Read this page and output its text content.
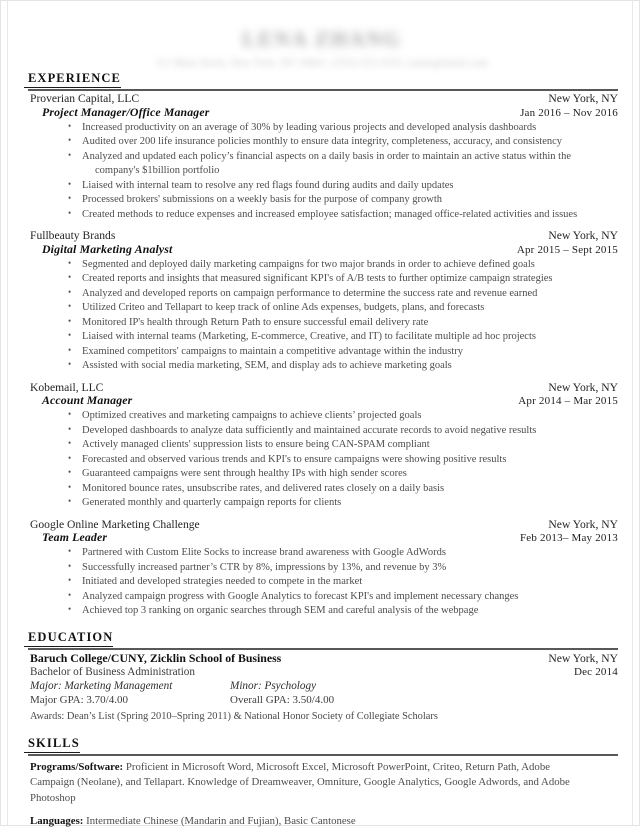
LENA ZHANG
111 Main Street, New York, NY 10001 | (555) 555-5555 | name@email.com
EXPERIENCE
Proverian Capital, LLC	New York, NY
Project Manager/Office Manager	Jan 2016 – Nov 2016
• Increased productivity on an average of 30% by leading various projects and developed analysis dashboards
• Audited over 200 life insurance policies monthly to ensure data integrity, completeness, accuracy, and consistency
• Analyzed and updated each policy’s financial aspects on a daily basis in order to maintain an active status within the
company's $1billion portfolio
• Liaised with internal team to resolve any red flags found during audits and daily updates
• Processed brokers' submissions on a weekly basis for the purpose of company growth
• Created methods to reduce expenses and increased employee satisfaction; managed office-related activities and issues
Fullbeauty Brands	New York, NY
Digital Marketing Analyst	Apr 2015 – Sept 2015
• Segmented and deployed daily marketing campaigns for two major brands in order to achieve defined goals
• Created reports and insights that measured significant KPI's of A/B tests to further optimize campaign strategies
• Analyzed and developed reports on campaign performance to determine the success rate and revenue earned
• Utilized Criteo and Tellapart to keep track of online Ads expenses, budgets, plans, and forecasts
• Monitored IP's health through Return Path to ensure successful email delivery rate
• Liaised with internal teams (Marketing, E-commerce, Creative, and IT) to facilitate multiple ad hoc projects
• Examined competitors' campaigns to maintain a competitive advantage within the industry
• Assisted with social media marketing, SEM, and display ads to achieve marketing goals
Kobemail, LLC	New York, NY
Account Manager	Apr 2014 – Mar 2015
• Optimized creatives and marketing campaigns to achieve clients’ projected goals
• Developed dashboards to analyze data sufficiently and maintained accurate records to avoid negative results
• Actively managed clients' suppression lists to ensure being CAN-SPAM compliant
• Forecasted and observed various trends and KPI's to ensure campaigns were showing positive results
• Guaranteed campaigns were sent through healthy IPs with high sender scores
• Monitored bounce rates, unsubscribe rates, and delivered rates closely on a daily basis
• Generated monthly and quarterly campaign reports for clients
Google Online Marketing Challenge	New York, NY
Team Leader	Feb 2013– May 2013
• Partnered with Custom Elite Socks to increase brand awareness with Google AdWords
• Successfully increased partner’s CTR by 8%, impressions by 13%, and revenue by 3%
• Initiated and developed strategies needed to compete in the market
• Analyzed campaign progress with Google Analytics to forecast KPI's and implement necessary changes
• Achieved top 3 ranking on organic searches through SEM and careful analysis of the webpage
EDUCATION
Baruch College/CUNY, Zicklin School of Business	New York, NY
Bachelor of Business Administration	Dec 2014
Major: Marketing Management	Minor: Psychology
Major GPA: 3.70/4.00	Overall GPA: 3.50/4.00
Awards: Dean’s List (Spring 2010–Spring 2011) & National Honor Society of Collegiate Scholars
SKILLS
Programs/Software: Proficient in Microsoft Word, Microsoft Excel, Microsoft PowerPoint, Criteo, Return Path, Adobe Campaign (Neolane), and Tellapart. Knowledge of Dreamweaver, Omniture, Google Analytics, Google Adwords, and Adobe Photoshop
Languages: Intermediate Chinese (Mandarin and Fujian), Basic Cantonese
